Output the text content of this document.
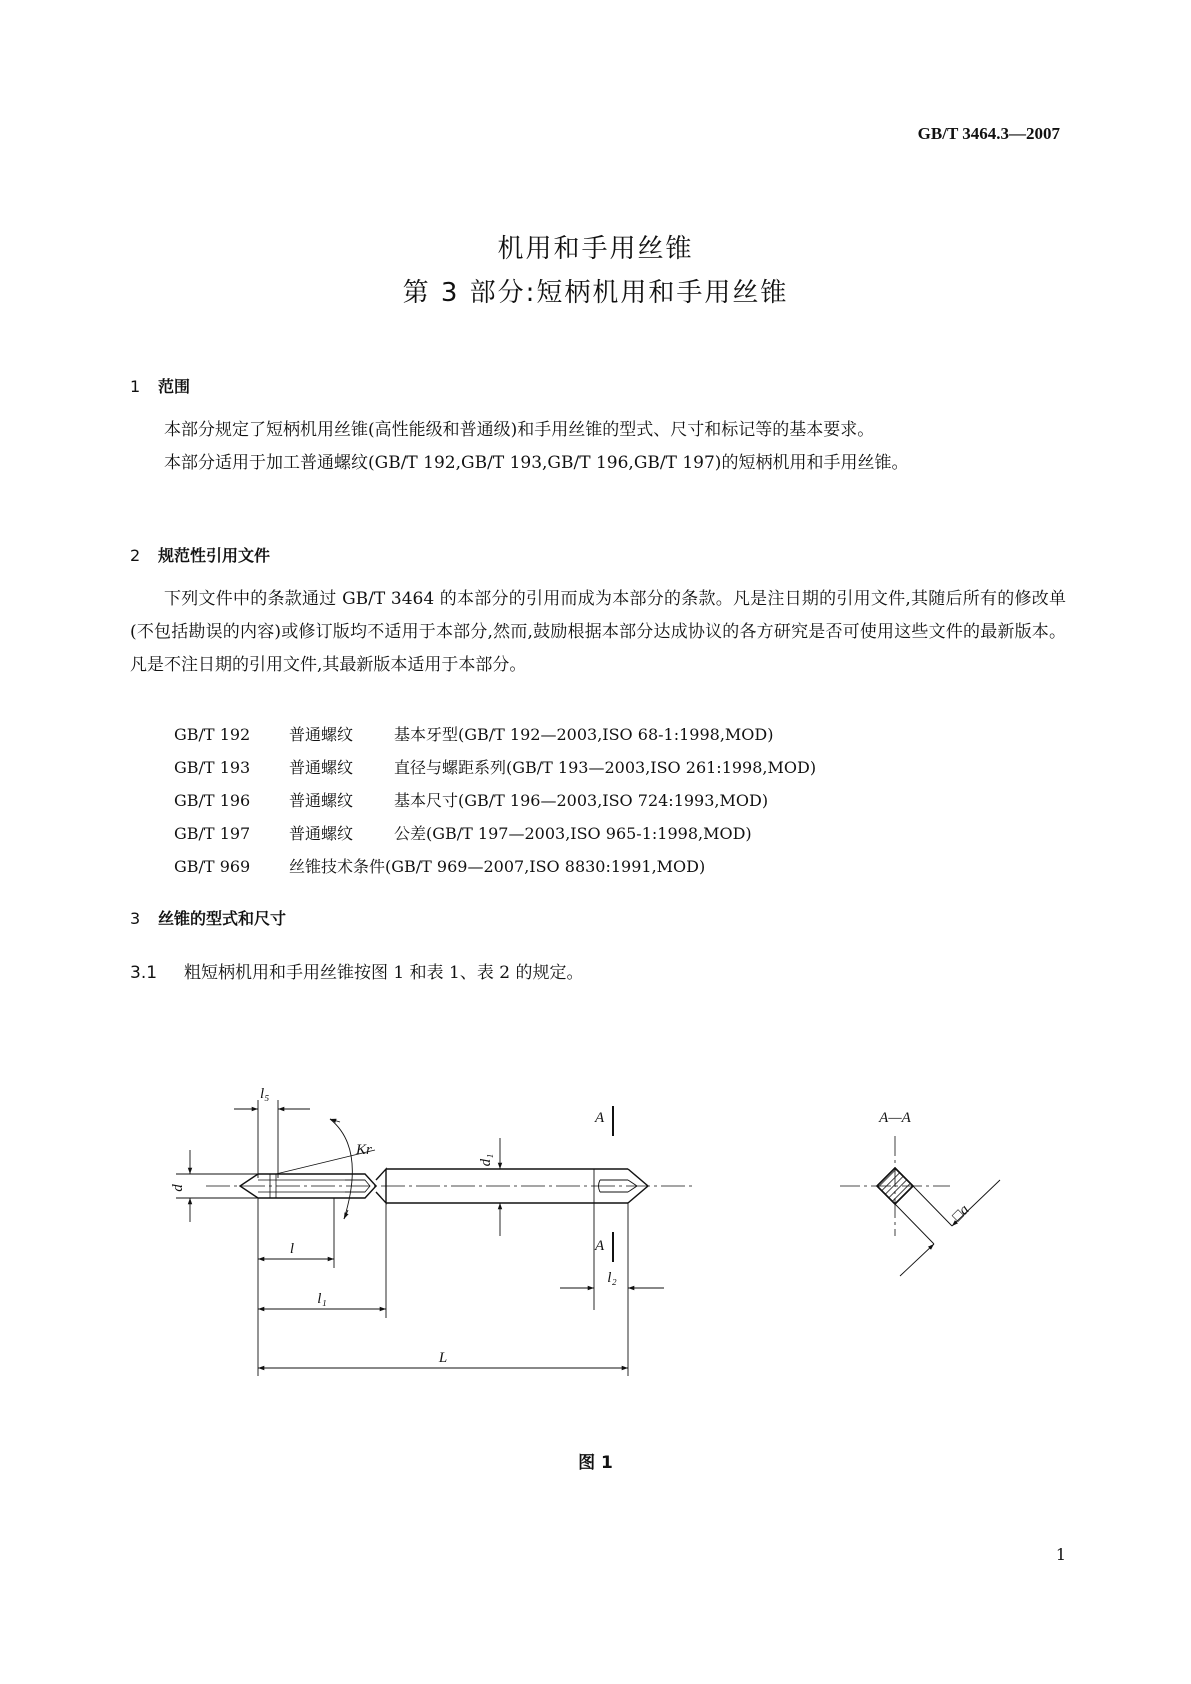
GB/T 3464.3—2007
机用和手用丝锥
第 3 部分:短柄机用和手用丝锥
1 范围
本部分规定了短柄机用丝锥(高性能级和普通级)和手用丝锥的型式、尺寸和标记等的基本要求。
本部分适用于加工普通螺纹(GB/T 192,GB/T 193,GB/T 196,GB/T 197)的短柄机用和手用丝锥。
2 规范性引用文件
下列文件中的条款通过 GB/T 3464 的本部分的引用而成为本部分的条款。凡是注日期的引用文件,其随后所有的修改单(不包括勘误的内容)或修订版均不适用于本部分,然而,鼓励根据本部分达成协议的各方研究是否可使用这些文件的最新版本。凡是不注日期的引用文件,其最新版本适用于本部分。
GB/T 192 普通螺纹	基本牙型(GB/T 192—2003,ISO 68-1:1998,MOD)
GB/T 193 普通螺纹	直径与螺距系列(GB/T 193—2003,ISO 261:1998,MOD)
GB/T 196 普通螺纹	基本尺寸(GB/T 196—2003,ISO 724:1993,MOD)
GB/T 197 普通螺纹	公差(GB/T 197—2003,ISO 965-1:1998,MOD)
GB/T 969 丝锥技术条件(GB/T 969—2007,ISO 8830:1991,MOD)
3 丝锥的型式和尺寸
3.1 粗短柄机用和手用丝锥按图 1 和表 1、表 2 的规定。
l₅
Kr
d₁
d
l
l₁
l₂
L
A
A
A—A
□a
图 1
1
